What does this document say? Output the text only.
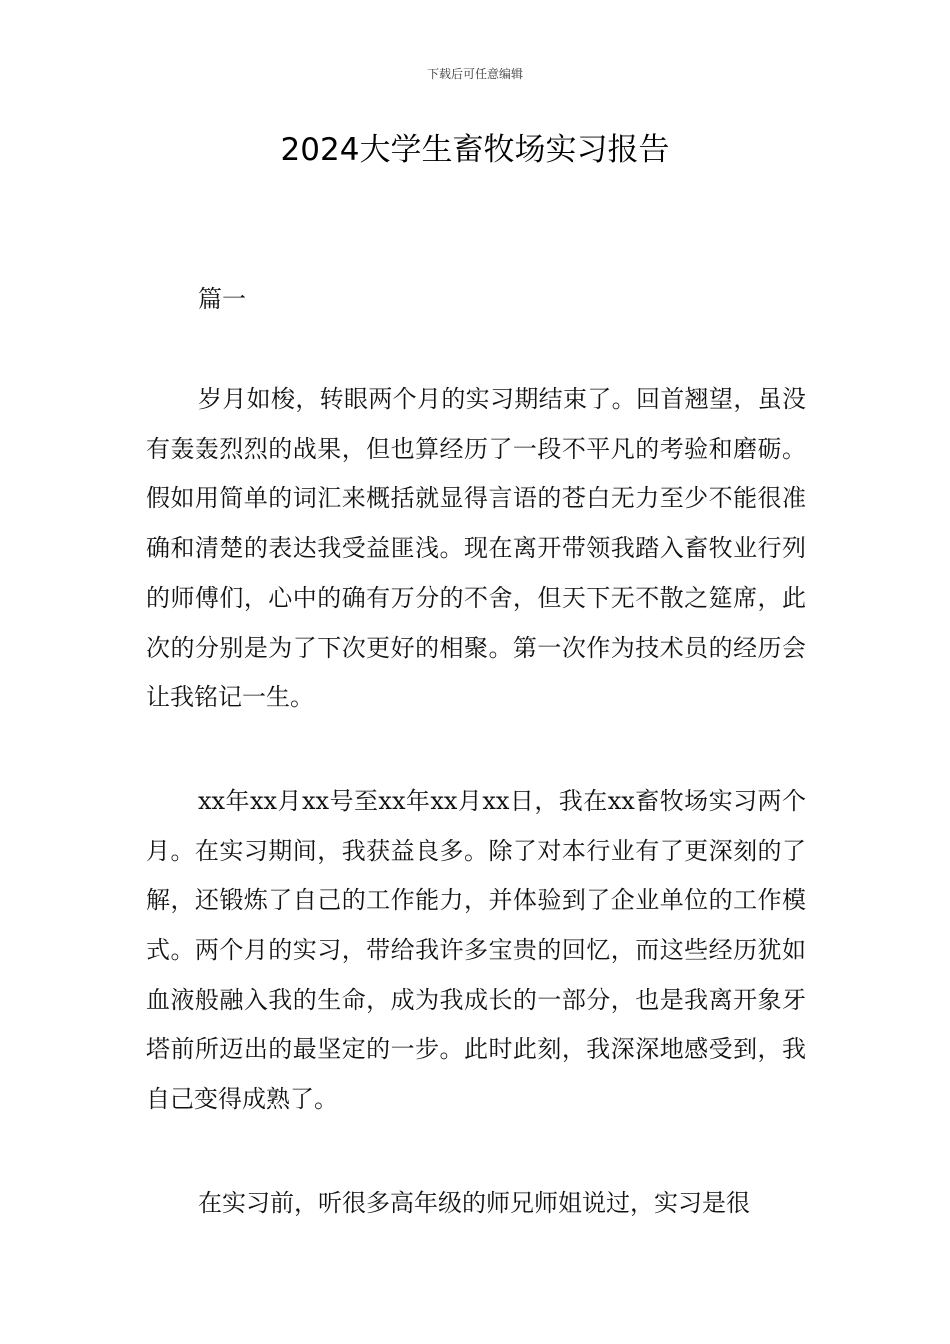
下载后可任意编辑
2024大学生畜牧场实习报告

篇一

岁月如梭，转眼两个月的实习期结束了。回首翘望，虽没有轰轰烈烈的战果，但也算经历了一段不平凡的考验和磨砺。假如用简单的词汇来概括就显得言语的苍白无力至少不能很准确和清楚的表达我受益匪浅。现在离开带领我踏入畜牧业行列的师傅们，心中的确有万分的不舍，但天下无不散之筵席，此次的分别是为了下次更好的相聚。第一次作为技术员的经历会让我铭记一生。

xx年xx月xx号至xx年xx月xx日，我在xx畜牧场实习两个月。在实习期间，我获益良多。除了对本行业有了更深刻的了解，还锻炼了自己的工作能力，并体验到了企业单位的工作模式。两个月的实习，带给我许多宝贵的回忆，而这些经历犹如血液般融入我的生命，成为我成长的一部分，也是我离开象牙塔前所迈出的最坚定的一步。此时此刻，我深深地感受到，我自己变得成熟了。

在实习前，听很多高年级的师兄师姐说过，实习是很
